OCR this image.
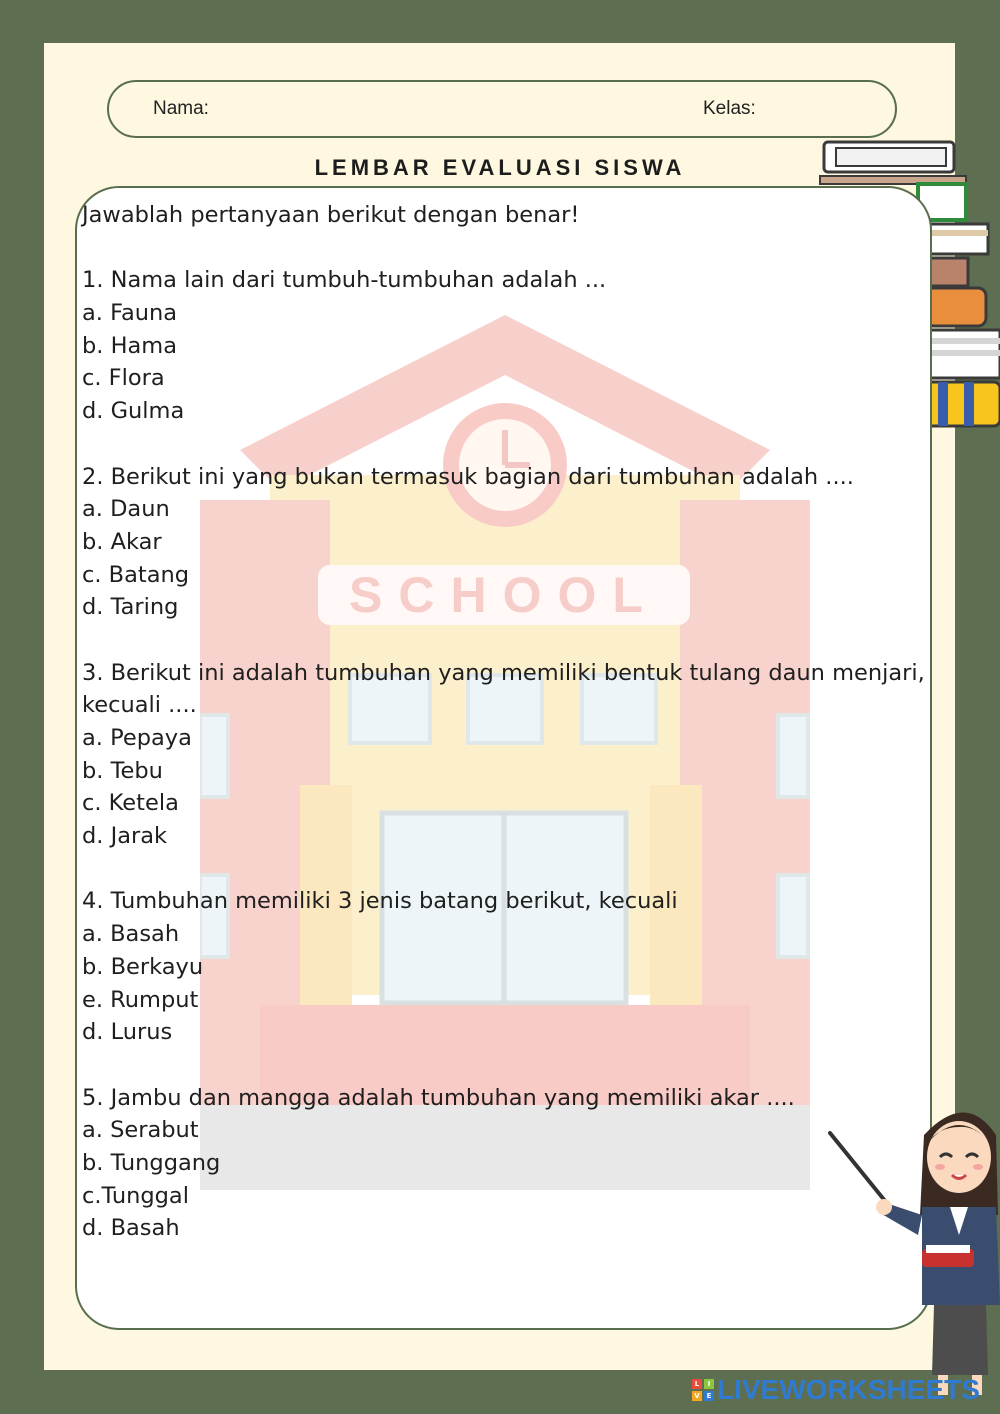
Nama:	Kelas:
LEMBAR EVALUASI SISWA
SCHOOL
Jawablah pertanyaan berikut dengan benar!
1. Nama lain dari tumbuh-tumbuhan adalah ...
a. Fauna
b. Hama
c. Flora
d. Gulma
2. Berikut ini yang bukan termasuk bagian dari tumbuhan adalah ....
a. Daun
b. Akar
c. Batang
d. Taring
3. Berikut ini adalah tumbuhan yang memiliki bentuk tulang daun menjari,
kecuali ....
a. Pepaya
b. Tebu
c. Ketela
d. Jarak
4. Tumbuhan memiliki 3 jenis batang berikut, kecuali
a. Basah
b. Berkayu
e. Rumput
d. Lurus
5. Jambu dan mangga adalah tumbuhan yang memiliki akar ....
a. Serabut
b. Tunggang
c.Tunggal
d. Basah
L	I
V E LIVEWORKSHEETS
